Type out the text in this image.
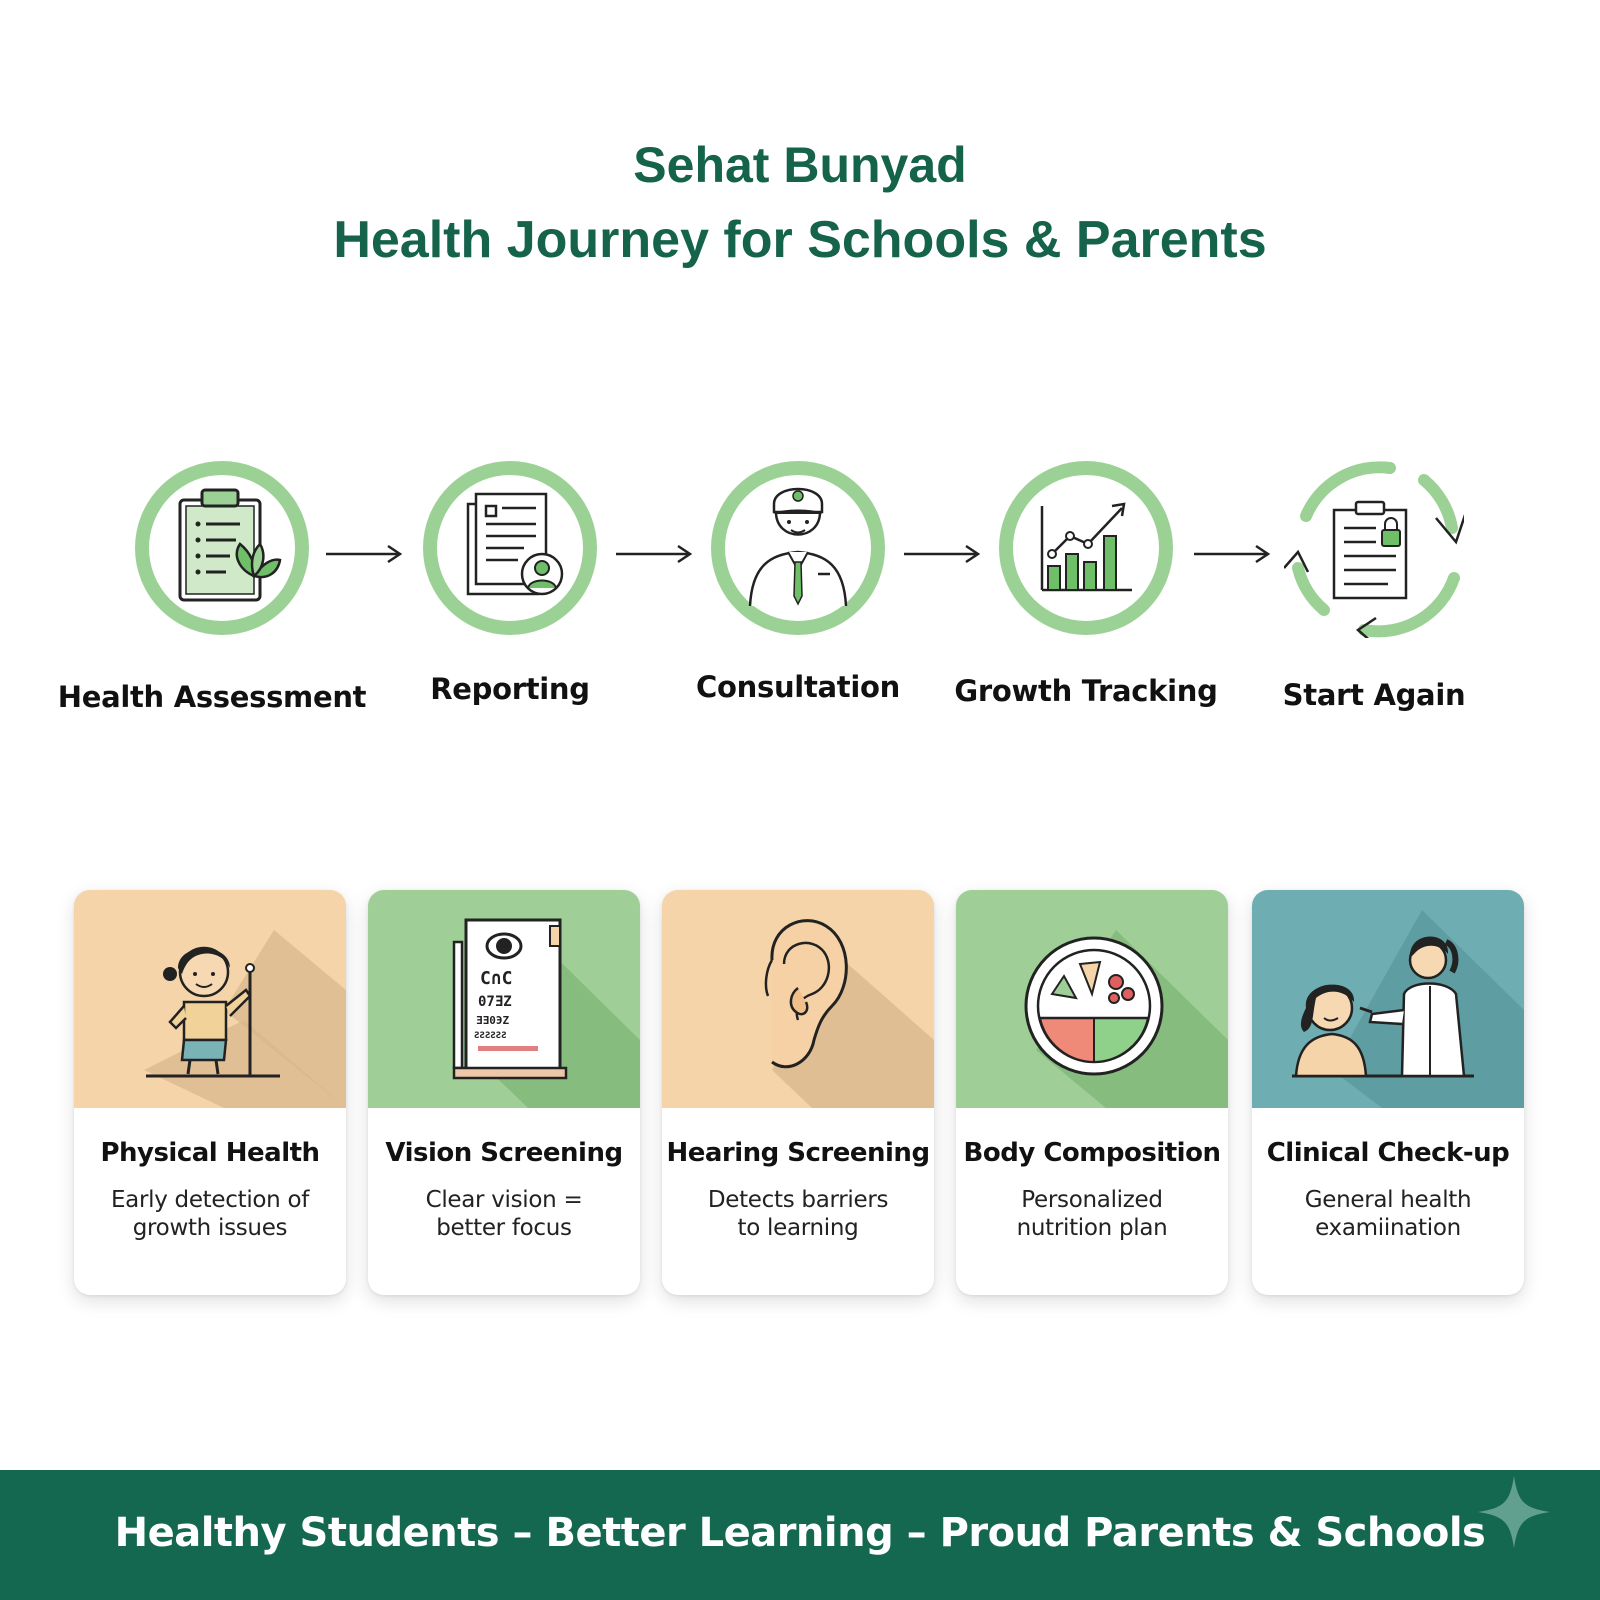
Sehat Bunyad
Health Journey for Schools & Parents
Health Assessment	Reporting	Consultation	Growth Tracking	Start Again
Physical Health
Early detection of
growth issues
C∩C
07ƎZ
ƎƎ0ЭZ
ƧƧƧƧƧƧ
Vision Screening
Clear vision =
better focus
Hearing Screening
Detects barriers
to learning
Body Composition
Personalized
nutrition plan
Clinical Check-up
General health
examiination
Healthy Students – Better Learning – Proud Parents & Schools
